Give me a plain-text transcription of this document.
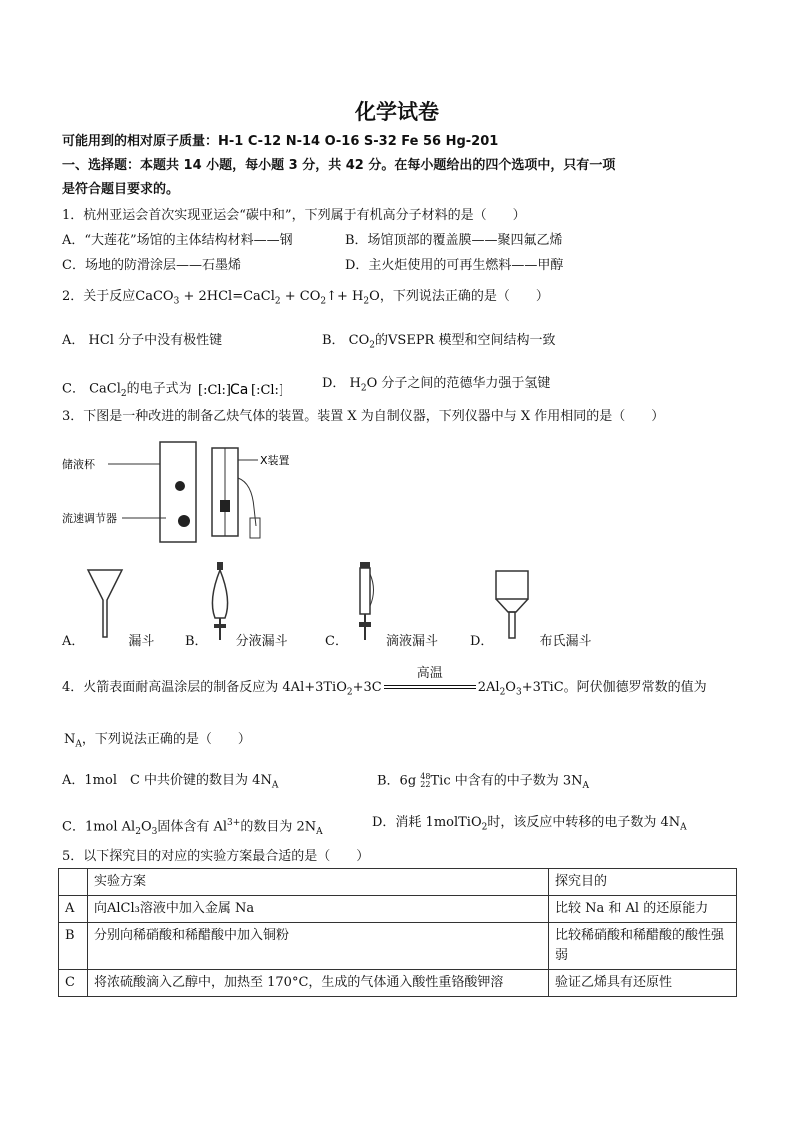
化学试卷
可能用到的相对原子质量：H-1 C-12 N-14 O-16 S-32 Fe 56 Hg-201
一、选择题：本题共 14 小题，每小题 3 分，共 42 分。在每小题给出的四个选项中，只有一项
是符合题目要求的。
1．杭州亚运会首次实现亚运会“碳中和”，下列属于有机高分子材料的是（　　）
A．“大莲花”场馆的主体结构材料——钢	B．场馆顶部的覆盖膜——聚四氟乙烯
C．场地的防滑涂层——石墨烯	D．主火炬使用的可再生燃料——甲醇
2．关于反应CaCO$_3$ + 2HCl=CaCl$_2$ + $CO_2↑+ H_2O$，下列说法正确的是（　　）
A． HCl 分子中没有极性键	B． $CO_2$的VSEPR 模型和空间结构一致
C． CaCl$_2$的电子式为 [:Cl:]
Ca [:Cl:]	D． $H_2O$ 分子之间的范德华力强于氢键
3．下图是一种改进的制备乙炔气体的装置。装置 X 为自制仪器，下列仪器中与 X 作用相同的是（　　）
储液杯
流速调节器
X装置
A．	漏斗 B． 分液漏斗	C．	滴液漏斗 D．	布氏漏斗
4．火箭表面耐高温涂层的制备反应为 4Al+3TiO$_2$+3C
高温
$2Al_2O_3+3TiC$。阿伏伽德罗常数的值为
$N_A$，下列说法正确的是（　　）
A．1mol　C 中共价键的数目为 $4N_A$	B．6g 48
22Tic 中含有的中子数为 $3N_A$
C．1mol $Al_2O_3$固体含有 $Al^{3+}$的数目为 $2N_A$
D．消耗 1molTiO$_2$时，该反应中转移的电子数为 $4N_A$
5．以下探究目的对应的实验方案最合适的是（　　）
	实验方案	探究目的
A	向AlCl₃溶液中加入金属 Na	比较 Na 和 Al 的还原能力
B	分别向稀硝酸和稀醋酸中加入铜粉	比较稀硝酸和稀醋酸的酸性强弱
C	将浓硫酸滴入乙醇中，加热至 170°C，生成的气体通入酸性重铬酸钾溶	验证乙烯具有还原性
